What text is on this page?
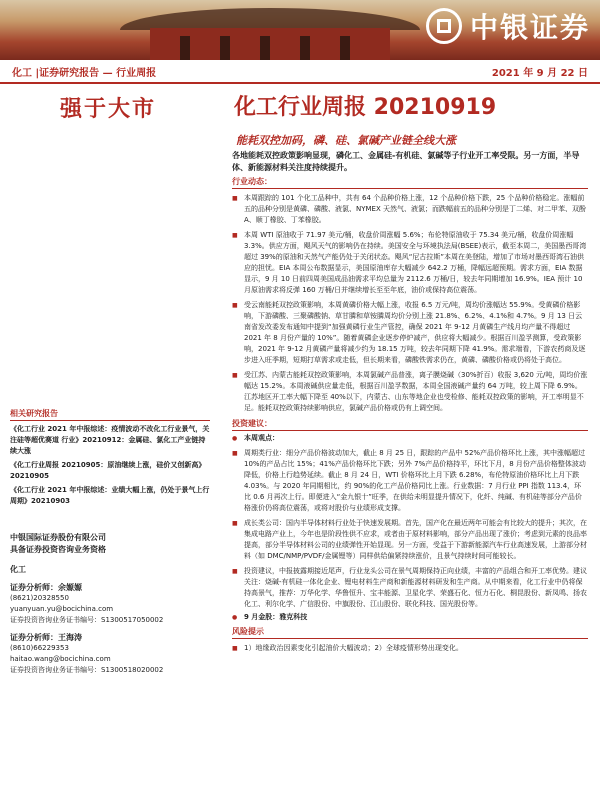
中银证券
化工 |证券研究报告 — 行业周报	2021 年 9 月 22 日
强于大市	化工行业周报 20210919
能耗双控加码，磷、硅、氯碱产业链全线大涨
各地能耗双控政策影响显现，磷化工、金属硅-有机硅、氯碱等子行业开工率受限。另一方面，半导体、新能源材料关注度持续提升。
行业动态：
■ 本周跟踪的 101 个化工品种中，共有 64 个品种价格上涨，12 个品种价格下跌，25 个品种价格稳定。涨幅前五的品种分别是黄磷、磷酸、液氯、NYMEX 天然气、液氯；而跌幅前五的品种分别是丁二烯、对二甲苯、双酚 A、顺丁橡胶、丁苯橡胶。
■ 本周 WTI 原油收于 71.97 美元/桶，收盘价周涨幅 5.6%；布伦特原油收于 75.34 美元/桶，收盘价周涨幅 3.3%。供应方面，飓风天气的影响仍在持续。美国安全与环境执法局(BSEE)表示，截至本周二，美国墨西哥湾超过 39%的原油和天然气产能仍处于关闭状态。飓风“尼古拉斯”本周在美登陆，增加了市场对墨西哥湾石油供应的担忧。EIA 本周公布数据显示，美国原油库存大幅减少 642.2 万桶，降幅远超预期。需求方面，EIA 数据显示，9 月 10 日前四周美国成品油需求平均总量为 2112.6 万桶/日，较去年同期增加 16.9%。IEA 预计 10 月原油需求将反弹 160 万桶/日并继续增长至至年底，油价或保持高位震荡。
■ 受云南能耗双控政策影响，本周黄磷价格大幅上涨，收报 6.5 万元/吨，周均价涨幅达 55.9%。受黄磷价格影响，下游磷酸、三聚磷酸钠、草甘膦和草铵膦周均价分别上涨 21.8%、6.2%、4.1%和 4.7%。9 月 13 日云南省发改委发布通知中提到“加强黄磷行业生产管控，确保 2021 年 9-12 月黄磷生产线月均产量不得超过 2021 年 8 月份产量的 10%”。随着黄磷企业逐步停炉减产，供应将大幅减少。根据百川盈孚测算，受政策影响，2021 年 9-12 月黄磷产量将减少约为 18.15 万吨，较去年同期下降 41.9%。需求端看，下游农药商及逐步进入旺季期，短期打草需求或走低，但长期来看，磷酸铁需求仍在，黄磷、磷酸价格或仍将处于高位。
■ 受江苏、内蒙古能耗双控政策影响，本周氯碱产品普涨，离子膜烧碱（30%折百）收报 3,620 元/吨，周均价涨幅达 15.2%。本周液碱供应量走低，根据百川盈孚数据，本周全国液碱产量约 64 万吨，较上周下降 6.9%。江苏地区开工率大幅下降至 40%以下，内蒙古、山东等地企业也受检修、能耗双控政策的影响，开工率明显不足。能耗双控政策持续影响供应，氯碱产品价格或仍有上调空间。
投资建议：
● 本周观点：
■ 周期类行业：细分产品价格波动加大，截止 8 月 25 日，跟踪的产品中 52%产品价格环比上涨，其中涨幅超过 10%的产品占比 15%；41%产品价格环比下跌；另外 7%产品价格持平，环比下月，8 月份产品价格整体波动降低，价格上行趋势延续。截止 8 月 24 日，WTI 价格环比上月下跌 6.28%，布伦特原油价格环比上月下跌 4.03%。与 2020 年同期相比，约 90%的化工产品价格同比上涨。行业数据：7 月行业 PPI 指数 113.4，环比 0.6 月再次上行。即便进入“金九银十”旺季，在供给未明显提升情况下，化纤、纯碱、有机硅等部分产品价格涨价仍将高位震荡，或将对股价与业绩形成支撑。
■ 成长类公司：国内半导体材料行业处于快速发展期。首先，国产化在最近两年可能会有比较大的提升；其次，在集成电路产业上，今年也是阶段性供不应求，或者由于原材料影响，部分产品出现了涨价；考虑到元素的良品率提高，部分半导体材料公司的业绩弹性开始显现。另一方面，受益于下游新能源汽车行业高速发展，上游部分材料（如 DMC/NMP/PVDF/金属锂等）同样供给偏紧持续涨价，且景气持续时间可能较长。
■ 投资建议，中报披露期接近尾声，行业龙头公司在景气周期保持正向业绩，丰富的产品组合和开工率优势。建议关注：烧碱-有机硅一体化企业、锂电材料生产商和新能源材料研发和生产商。从中期来看，化工行业中仍将保持高景气，推荐：万华化学、华鲁恒升、宝丰能源、卫星化学、荣盛石化、恒力石化、桐昆股份、新凤鸣、扬农化工、利尔化学、广信股份、中旗股份、江山股份、联化科技、国光股份等。
● 9 月金股：雅克科技
风险提示
■ 1）地缘政治因素变化引起油价大幅波动；2）全球疫情形势出现变化。
相关研究报告
《化工行业 2021 年中报综述：疫情波动不改化工行业景气，关注硅等超优赛道 行业》20210912：金属硅、氯化工产业链持续大涨
《化工行业周报 20210905：原油继续上涨，硅价又创新高》20210905
《化工行业 2021 年中报综述：业绩大幅上涨，仍处于景气上行周期》20210903
中银国际证券股份有限公司
具备证券投资咨询业务资格
化工
证券分析师：余嫄嫄
(8621)20328550
yuanyuan.yu@bocichina.com
证券投资咨询业务证书编号：S1300517050002
证券分析师：王海涛
(8610)66229353
haitao.wang@bocichina.com
证券投资咨询业务证书编号：S1300518020002
